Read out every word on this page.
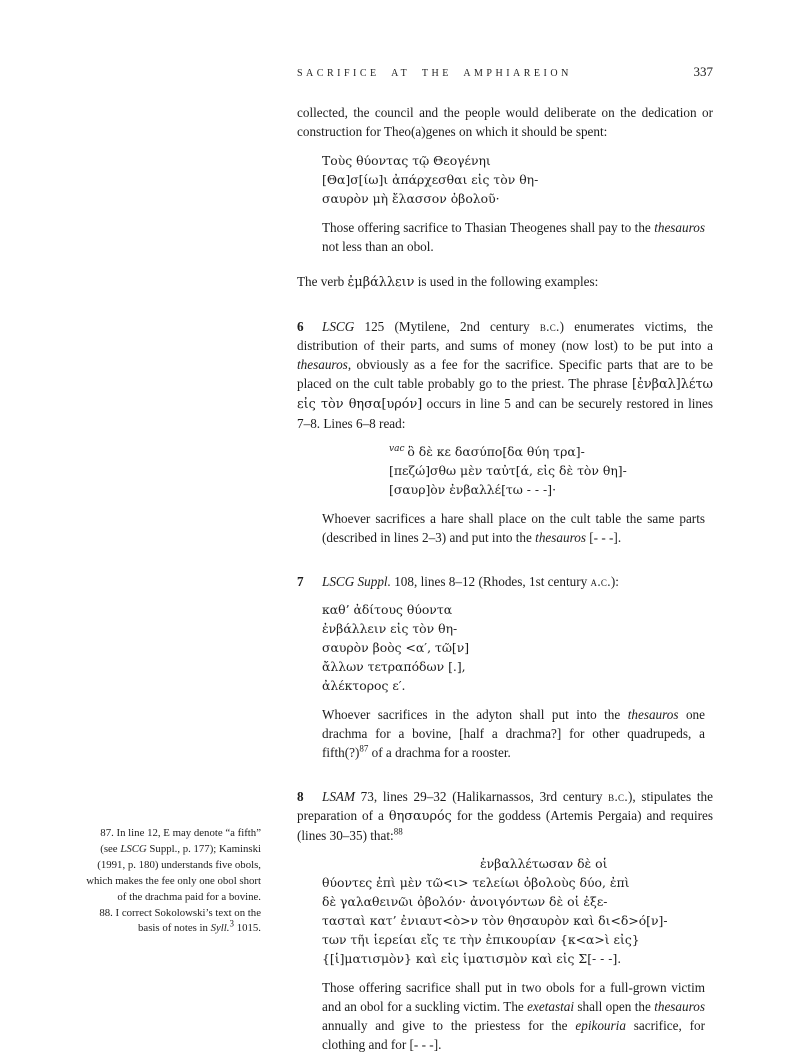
SACRIFICE AT THE AMPHIAREION	337

collected, the council and the people would deliberate on the dedication or construction for Theo(a)genes on which it should be spent:

Τοὺς θύοντας τῷ Θεογένηι
[Θα]σ[ίω]ι ἀπάρχεσθαι εἰς τὸν θη-
σαυρὸν μὴ ἔλασσον ὀβολοῦ·

Those offering sacrifice to Thasian Theogenes shall pay to the thesauros not less than an obol.

The verb ἐμβάλλειν is used in the following examples:

6 LSCG 125 (Mytilene, 2nd century b.c.) enumerates victims, the distribution of their parts, and sums of money (now lost) to be put into a thesauros, obviously as a fee for the sacrifice. Specific parts that are to be placed on the cult table probably go to the priest. The phrase [ἐνβαλ]λέτω εἰς τὸν θησα[υρόν] occurs in line 5 and can be securely restored in lines 7–8. Lines 6–8 read:

$^{vac}$ ὃ δὲ κε δασύπο[δα θύη τρα]-
[πεζώ]σθω μὲν ταὐτ[ά, εἰς δὲ τὸν θη]-
[σαυρ]ὸν ἐνβαλλέ[τω - - -]·

Whoever sacrifices a hare shall place on the cult table the same parts (described in lines 2–3) and put into the thesauros [- - -].

7 LSCG Suppl. 108, lines 8–12 (Rhodes, 1st century a.c.):

καθ’ ἀδίτους θύοντα
ἐνβάλλειν εἰς τὸν θη-
σαυρὸν βοὸς <α′, τῶ[ν]
ἄλλων τετραπόδων [.],
ἀλέκτορος ε′.

Whoever sacrifices in the adyton shall put into the thesauros one drachma for a bovine, [half a drachma?] for other quadrupeds, a fifth(?)$^{87}$ of a drachma for a rooster.

8 LSAM 73, lines 29–32 (Halikarnassos, 3rd century b.c.), stipulates the preparation of a θησαυρός for the goddess (Artemis Pergaia) and requires (lines 30–35) that:$^{88}$

ἐνβαλλέτωσαν δὲ οἱ
θύοντες ἐπὶ μὲν τῶ<ι> τελείωι ὀβολοὺς δύο, ἐπὶ
δὲ γαλαθεινῶι ὀβολόν· ἀνοιγόντων δὲ οἱ ἐξε-
τασταὶ κατ’ ἐνιαυτ<ὸ>ν τὸν θησαυρὸν καὶ δι<δ>ό[ν]-
των τῆι ἱερείαι εἴς τε τὴν ἐπικουρίαν {κ<α>ὶ εἰς}
{[ἱ]ματισμὸν} καὶ εἰς ἱματισμὸν καὶ εἰς Σ[- - -].

Those offering sacrifice shall put in two obols for a full-grown victim and an obol for a suckling victim. The exetastai shall open the thesauros annually and give to the priestess for the epikouria sacrifice, for clothing and for [- - -].

87. In line 12, E may denote “a fifth” (see LSCG Suppl., p. 177); Kaminski (1991, p. 180) understands five obols, which makes the fee only one obol short of the drachma paid for a bovine.

88. I correct Sokolowski’s text on the basis of notes in Syll.$^3$ 1015.
